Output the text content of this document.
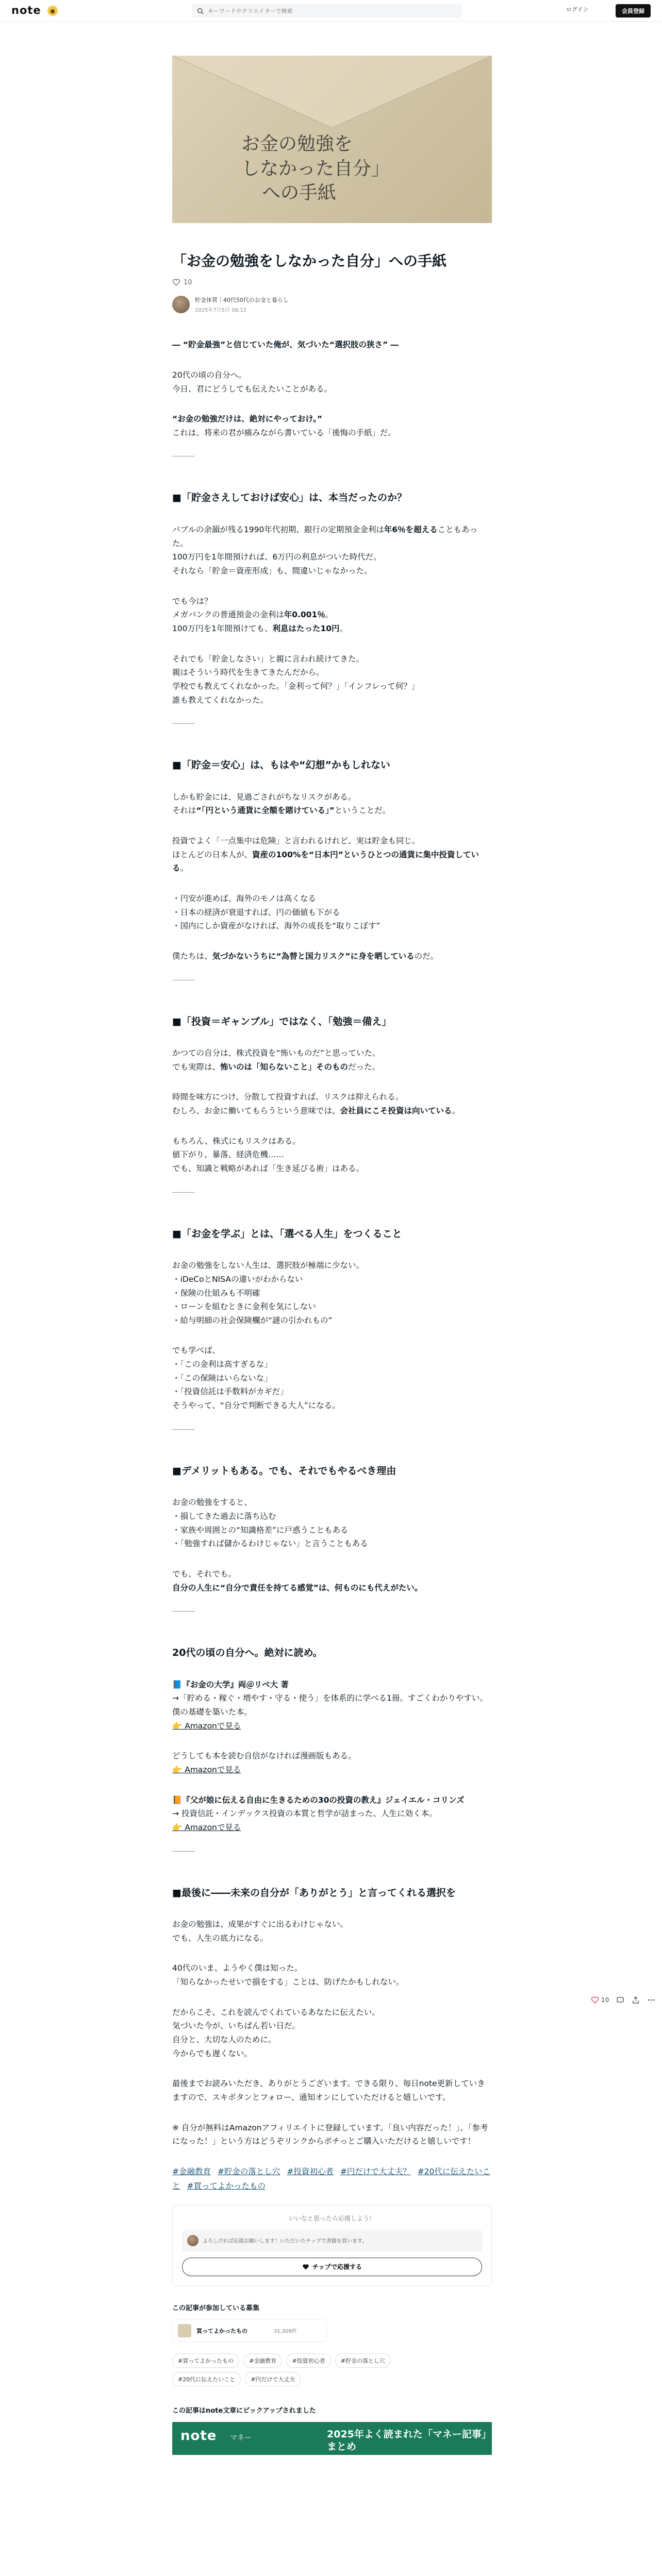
note	●
キーワードやクリエイターで検索	ログイン	会員登録
お金の勉強を
しなかった自分」
への手紙
「お金の勉強をしなかった自分」への手紙
10
貯金体質｜40代50代のお金と暮らし
2025年7月5日 08:12
― “貯金最強”と信じていた俺が、気づいた“選択肢の狭さ” ―
20代の頃の自分へ。
今日、君にどうしても伝えたいことがある。
“お金の勉強だけは、絶対にやっておけ。”
これは、将来の君が痛みながら書いている「後悔の手紙」だ。
■「貯金さえしておけば安心」は、本当だったのか？
バブルの余韻が残る1990年代初期、銀行の定期預金金利は年6％を超えることもあった。
100万円を1年間預ければ、6万円の利息がついた時代だ。
それなら「貯金＝資産形成」も、間違いじゃなかった。
でも今は？
メガバンクの普通預金の金利は年0.001％。
100万円を1年間預けても、利息はたった10円。
それでも「貯金しなさい」と親に言われ続けてきた。
親はそういう時代を生きてきたんだから。
学校でも教えてくれなかった。「金利って何？」「インフレって何？」
誰も教えてくれなかった。
■「貯金＝安心」は、もはや“幻想”かもしれない
しかも貯金には、見過ごされがちなリスクがある。
それは“「円という通貨に全額を賭けている」”ということだ。
投資でよく「一点集中は危険」と言われるけれど、実は貯金も同じ。
ほとんどの日本人が、資産の100%を“日本円”というひとつの通貨に集中投資している。
・円安が進めば、海外のモノは高くなる
・日本の経済が衰退すれば、円の価値も下がる
・国内にしか資産がなければ、海外の成長を“取りこぼす”
僕たちは、気づかないうちに“為替と国力リスク”に身を晒しているのだ。
■「投資＝ギャンブル」ではなく、「勉強＝備え」
かつての自分は、株式投資を“怖いものだ”と思っていた。
でも実際は、怖いのは「知らないこと」そのものだった。
時間を味方につけ、分散して投資すれば、リスクは抑えられる。
むしろ、お金に働いてもらうという意味では、会社員にこそ投資は向いている。
もちろん、株式にもリスクはある。
値下がり、暴落、経済危機……
でも、知識と戦略があれば「生き延びる術」はある。
■「お金を学ぶ」とは、「選べる人生」をつくること
お金の勉強をしない人生は、選択肢が極端に少ない。
・iDeCoとNISAの違いがわからない
・保険の仕組みも不明確
・ローンを組むときに金利を気にしない
・給与明細の社会保険欄が“謎の引かれもの”
でも学べば、
・「この金利は高すぎるな」
・「この保険はいらないな」
・「投資信託は手数料がカギだ」
そうやって、“自分で判断できる大人”になる。
■デメリットもある。でも、それでもやるべき理由
お金の勉強をすると、
・損してきた過去に落ち込む
・家族や周囲との“知識格差”に戸惑うこともある
・「勉強すれば儲かるわけじゃない」と言うこともある
でも、それでも。
自分の人生に“自分で責任を持てる感覚”は、何ものにも代えがたい。
20代の頃の自分へ。絶対に読め。
📘『お金の大学』両＠リベ大 著
→「貯める・稼ぐ・増やす・守る・使う」を体系的に学べる1冊。すごくわかりやすい。僕の基礎を築いた本。
👉 Amazonで見る
どうしても本を読む自信がなければ漫画版もある。
👉 Amazonで見る
📙『父が娘に伝える自由に生きるための30の投資の教え』ジェイエル・コリンズ
→ 投資信託・インデックス投資の本質と哲学が詰まった、人生に効く本。
👉 Amazonで見る
■最後に――未来の自分が「ありがとう」と言ってくれる選択を
お金の勉強は、成果がすぐに出るわけじゃない。
でも、人生の底力になる。
40代のいま、ようやく僕は知った。
「知らなかったせいで損をする」ことは、防げたかもしれない。
だからこそ、これを読んでくれているあなたに伝えたい。
気づいた今が、いちばん若い日だ。
自分と、大切な人のために。
今からでも遅くない。
最後までお読みいただき、ありがとうございます。できる限り、毎日note更新していきますので、スキボタンとフォロー、通知オンにしていただけると嬉しいです。
※ 自分が無料はAmazonアフィリエイトに登録しています。「良い内容だった！」、「参考になった！」という方はどうぞリンクからポチっとご購入いただけると嬉しいです！
#金融教育 #貯金の落とし穴 #投資初心者 #円だけで大丈夫？ #20代に伝えたいこと #買ってよかったもの
いいなと思ったら応援しよう！
よろしければ応援お願いします！いただいたチップで書籍を買います。
チップで応援する
この記事が参加している募集
買ってよかったもの	31,309件
#買ってよかったもの	#金融教育	#投資初心者	#貯金の落とし穴
#20代に伝えたいこと	#円だけで大丈夫
この記事はnote文章にピックアップされました
note マネー	2025年よく読まれた「マネー記事」まとめ
10
